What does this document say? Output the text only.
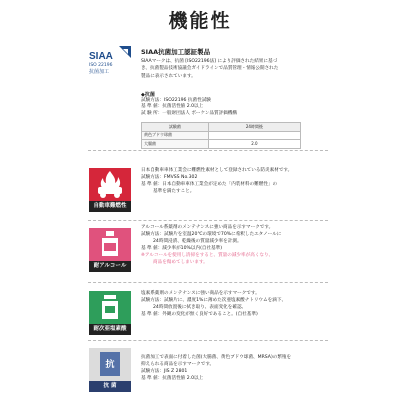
機能性
SIAA
ISO 22196
抗菌加工
SIAA抗菌加工認証製品
SIAAマークは、抗菌 [ISO22196法] により評価された結果に基づ
き、抗菌製品技術協議会ガイドラインで品質管理・情報公開された
製品に表示されています。
◆抗菌
試験方法：ISO22196 抗菌性試験
基 準 値：抗菌活性値 2.0以上
試 験 所：一般財団法人 ボーケン品質評価機構
試験菌	24時間後
黄色ブドウ球菌	
大腸菌	2.0
自動車難燃性
日本自動車車体工業会に難燃性素材として登録されている防炎素材です。
試験方法：FMVSS No.302
基 準 値：日本自動車車体工業会が定めた「内装材料の難燃性」の
基準を満たすこと。
耐アルコール
アルコール系薬剤のメンテナンスに強い商品を示すマークです。
試験方法：試験片を室温20℃の環境で70%に希釈したエタノールに
24時間浸漬、乾燥後の質量減少率を計測。
基 準 値：減少率が10%以内(自社基準)
※アルコールを使用し清掃をすると、質量の減少率が高くなり、
商品を傷めてしまいます。
耐次亜塩素酸
塩素系薬剤のメンテナンスに強い商品を示すマークです。
試験方法：試験片に、濃度1%に薄めた次亜塩素酸ナトリウムを滴下、
24時間放置後に拭き取り、表面変化を確認。
基 準 値：外観の変化が無く良好であること。(自社基準)
抗
抗 菌
抗菌加工で表面に付着した菌(大腸菌、黄色ブドウ球菌、MRSA)の繁殖を
抑えられる商品を示すマークです。
試験方法：JIS Z 2801
基 準 値：抗菌活性値 2.0以上
